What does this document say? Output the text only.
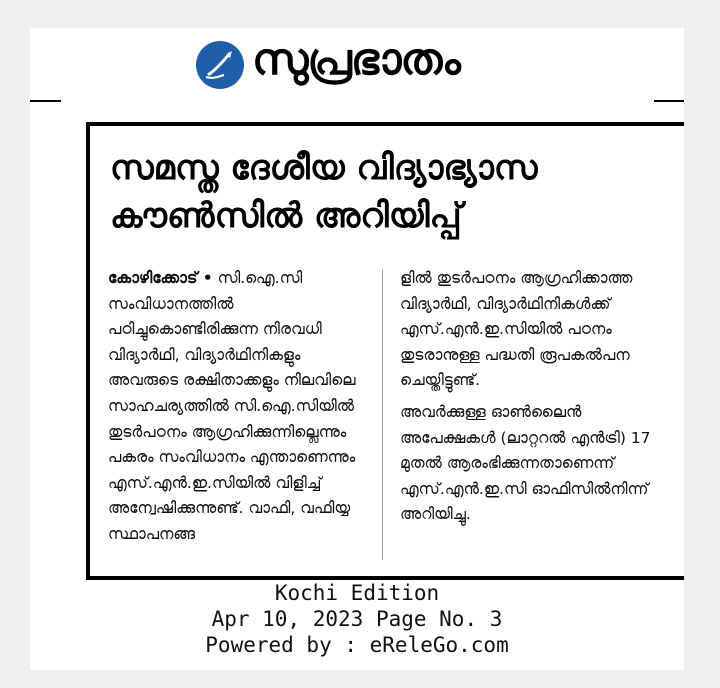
സുപ്രഭാതം
സമസ്ത ദേശീയ വിദ്യാഭ്യാസ
കൗൺസിൽ അറിയിപ്പ്

കോഴിക്കോട് • സി.ഐ.സി സംവിധാനത്തിൽ പഠിച്ചുകൊണ്ടിരിക്കുന്ന നിരവധി വിദ്യാർഥി, വിദ്യാർഥിനികളും അവരുടെ രക്ഷിതാക്കളും നിലവിലെ സാഹചര്യത്തിൽ സി.ഐ.സിയിൽ തുടർപഠനം ആഗ്രഹിക്കുന്നില്ലെന്നും പകരം സംവിധാനം എന്താണെന്നും എസ്.എൻ.ഇ.സിയിൽ വിളിച്ച് അന്വേഷിക്കുന്നുണ്ട്. വാഫി, വഫിയ്യ സ്ഥാപനങ്ങ

ളിൽ തുടർപഠനം ആഗ്രഹിക്കാത്ത വിദ്യാർഥി, വിദ്യാർഥിനികൾക്ക് എസ്.എൻ.ഇ.സിയിൽ പഠനം തുടരാനുള്ള പദ്ധതി രൂപകൽപന ചെയ്തിട്ടുണ്ട്.

അവർക്കുള്ള ഓൺലൈൻ അപേക്ഷകൾ (ലാറ്ററൽ എൻട്രി) 17 മുതൽ ആരംഭിക്കുന്നതാണെന്ന് എസ്.എൻ.ഇ.സി ഓഫിസിൽനിന്ന് അറിയിച്ചു.

Kochi Edition
Apr 10, 2023 Page No. 3
Powered by : eReleGo.com
